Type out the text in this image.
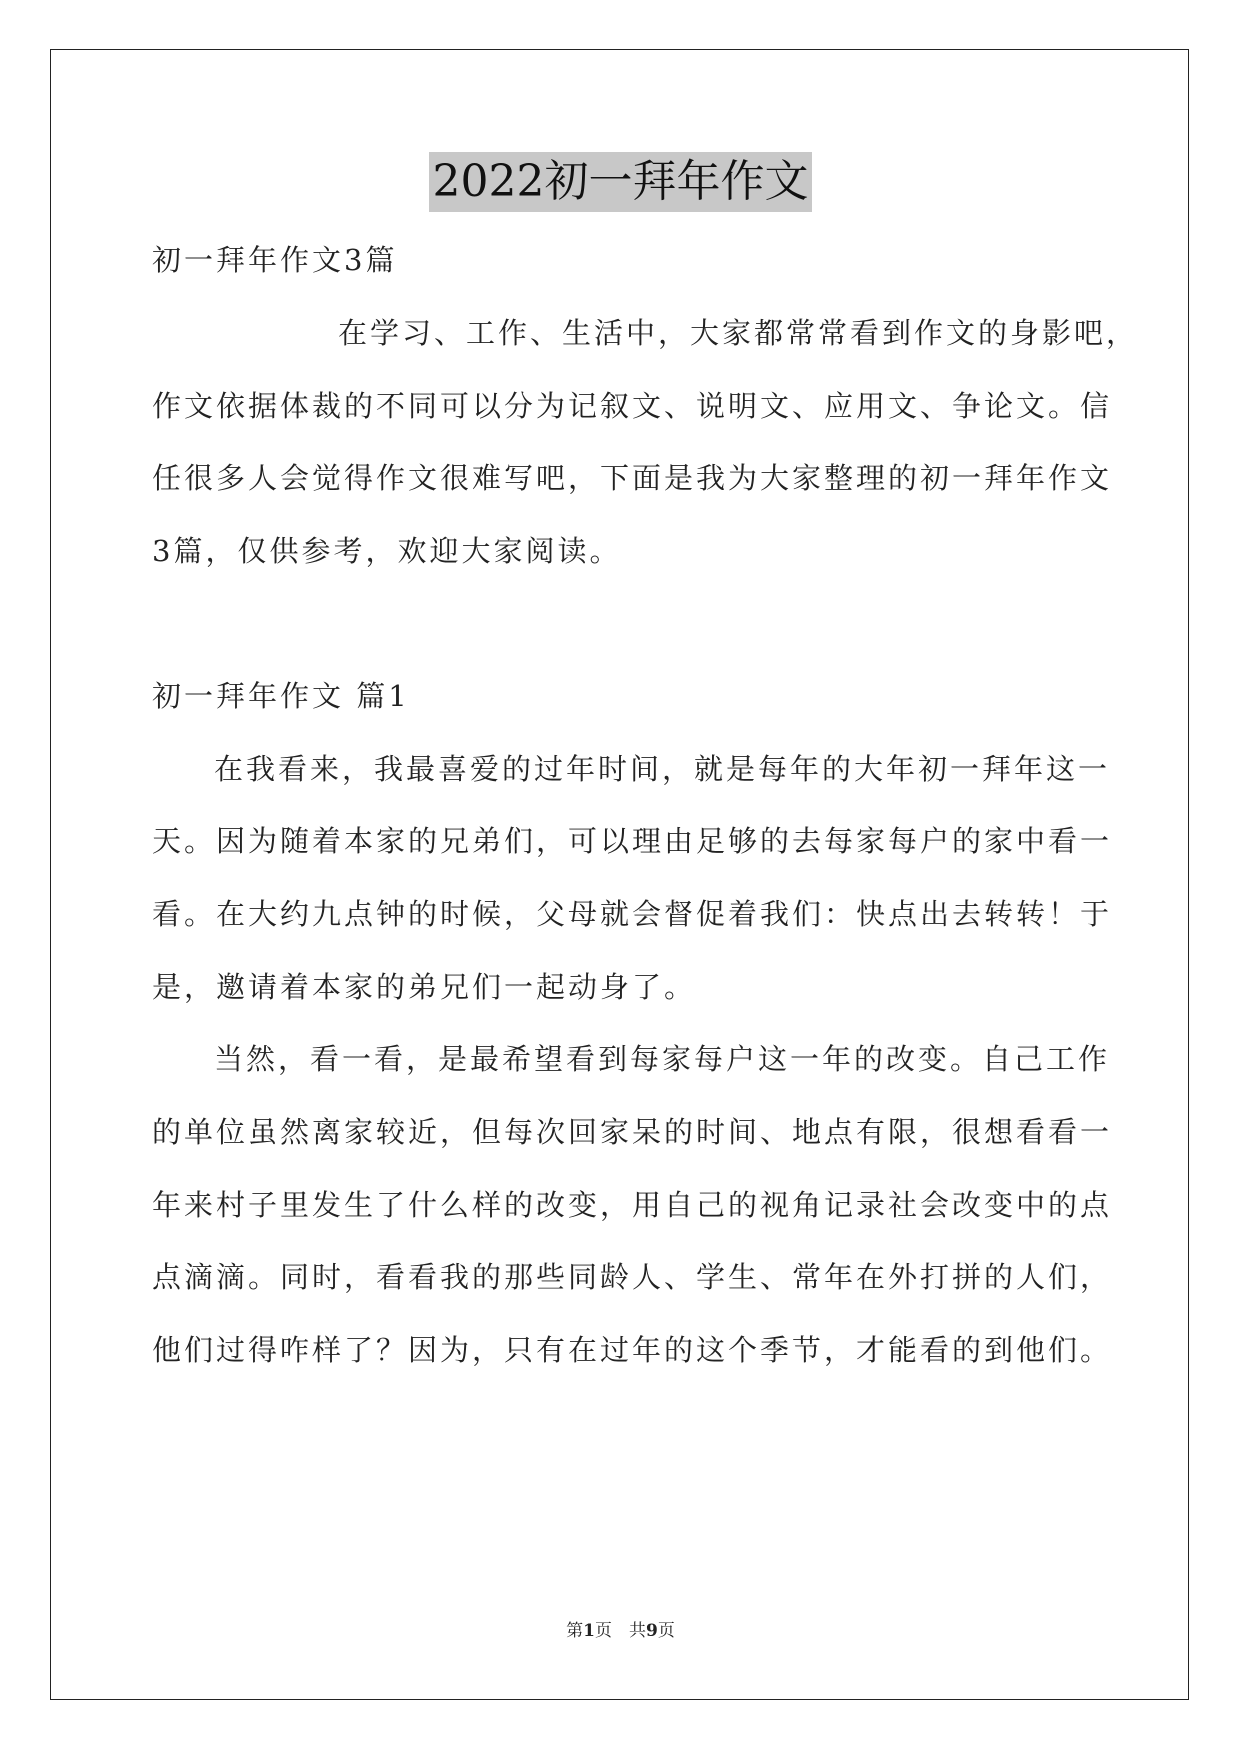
2022初一拜年作文
初一拜年作文3篇
在学习、工作、生活中，大家都常常看到作文的身影吧，
作文依据体裁的不同可以分为记叙文、说明文、应用文、争论文。信
任很多人会觉得作文很难写吧，下面是我为大家整理的初一拜年作文
3篇，仅供参考，欢迎大家阅读。
初一拜年作文 篇1
在我看来，我最喜爱的过年时间，就是每年的大年初一拜年这一
天。因为随着本家的兄弟们，可以理由足够的去每家每户的家中看一
看。在大约九点钟的时候，父母就会督促着我们：快点出去转转！于
是，邀请着本家的弟兄们一起动身了。
当然，看一看，是最希望看到每家每户这一年的改变。自己工作
的单位虽然离家较近，但每次回家呆的时间、地点有限，很想看看一
年来村子里发生了什么样的改变，用自己的视角记录社会改变中的点
点滴滴。同时，看看我的那些同龄人、学生、常年在外打拼的人们，
他们过得咋样了？因为，只有在过年的这个季节，才能看的到他们。
第1页　共9页
